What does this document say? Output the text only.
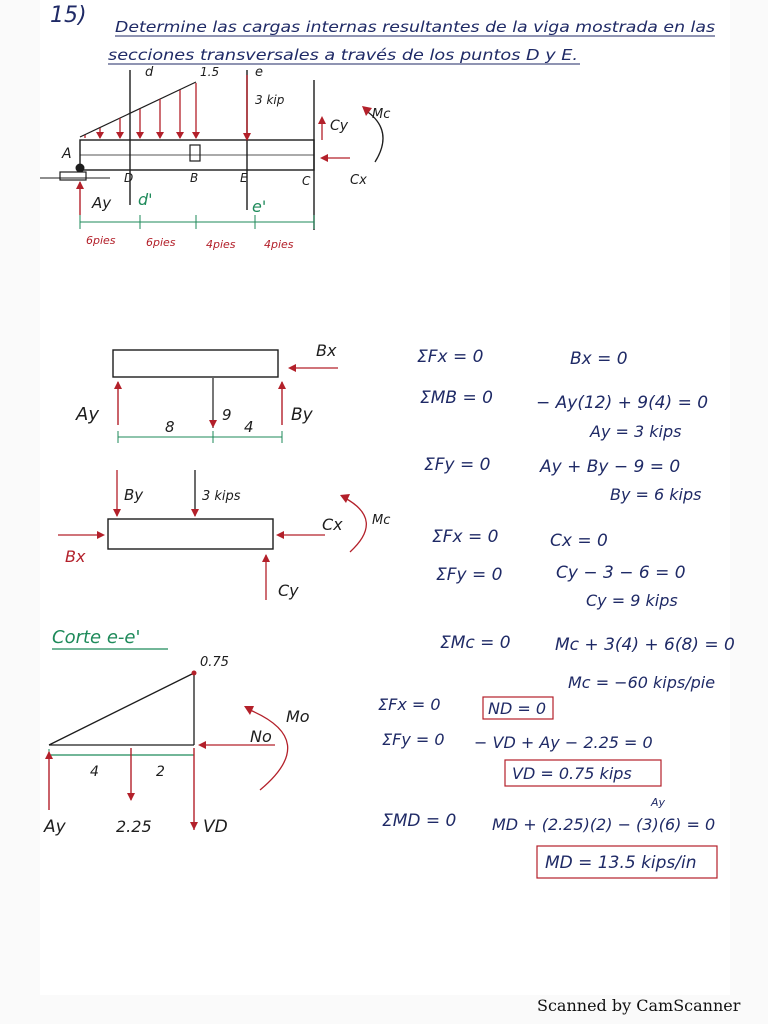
15) Determine las cargas internas resultantes de la viga mostrada en las
secciones transversales a través de los puntos D y E.
d	1.5	e
3 kip
A
D	B	E	C
Ay d'	e'
Cy
Cx
Mc
6pies	6pies	4pies	4pies
Bx
Ay	By
8
9
4
By	3 kips
Cx Mc
Bx
Cy
Corte e-e'
0.75
Mo
No
4	2
Ay	2.25	VD
ΣFx = 0	Bx = 0
ΣMB = 0	− Ay(12) + 9(4) = 0
Ay = 3 kips
ΣFy = 0	Ay + By − 9 = 0
By = 6 kips
ΣFx = 0	Cx = 0
ΣFy = 0	Cy − 3 − 6 = 0
Cy = 9 kips
ΣMc = 0	Mc + 3(4) + 6(8) = 0
Mc = −60 kips/pie
ΣFx = 0	ND = 0
ΣFy = 0 − VD + Ay − 2.25 = 0
VD = 0.75 kips
ΣMD = 0 MD + (2.25)(2) − (3)(6) = 0
Ay
MD = 13.5 kips/in
Scanned by CamScanner
